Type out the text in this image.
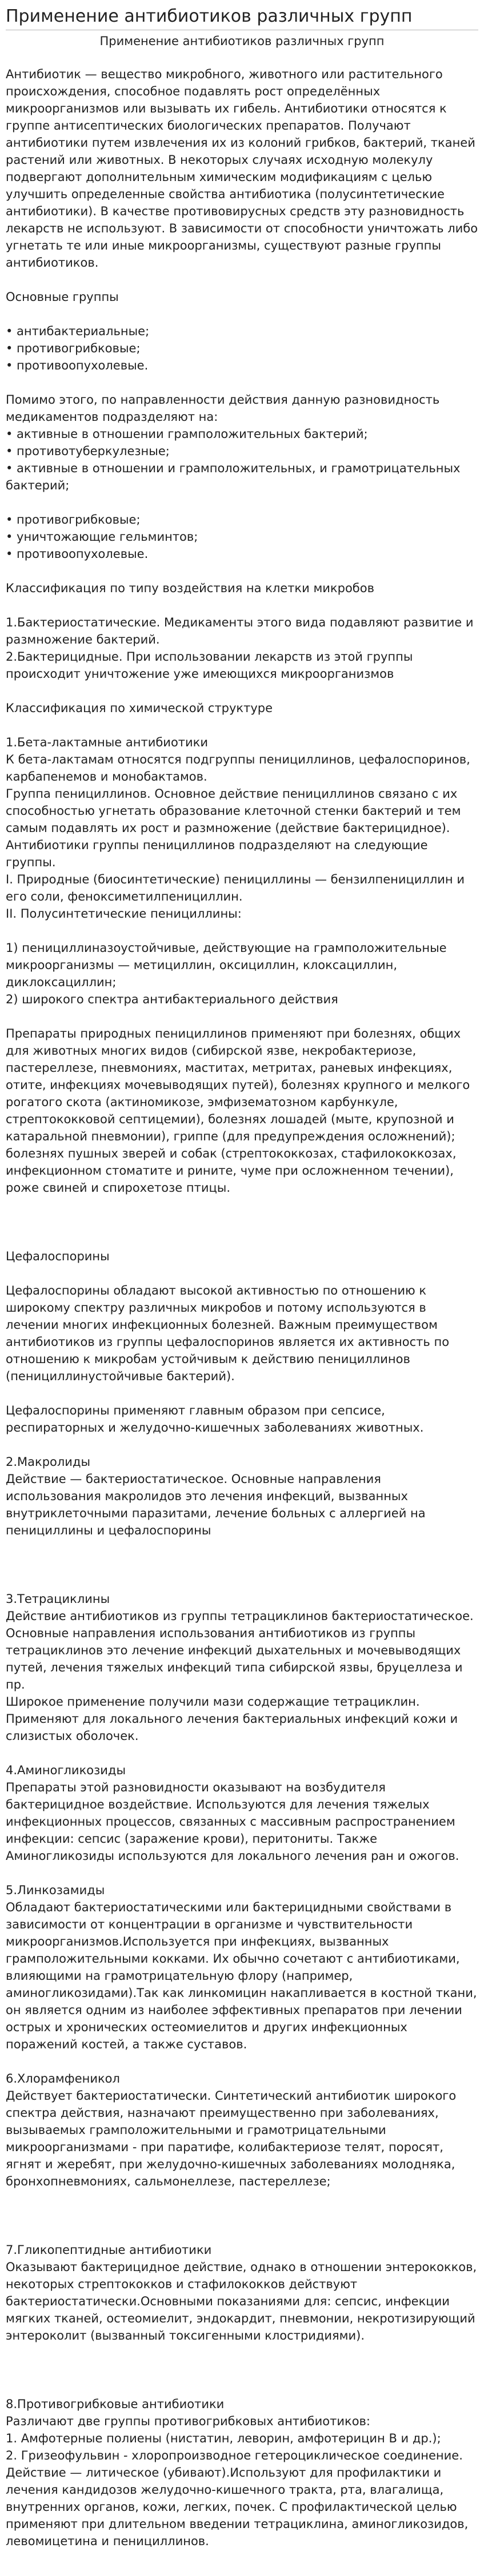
Применение антибиотиков различных групп
Применение антибиотиков различных групп

Антибиотик — вещество микробного, животного или растительного происхождения, способное подавлять рост определённых микроорганизмов или вызывать их гибель. Антибиотики относятся к группе антисептических биологических препаратов. Получают антибиотики путем извлечения их из колоний грибков, бактерий, тканей растений или животных. В некоторых случаях исходную молекулу подвергают дополнительным химическим модификациям с целью улучшить определенные свойства антибиотика (полусинтетические антибиотики). В качестве противовирусных средств эту разновидность лекарств не используют. В зависимости от способности уничтожать либо угнетать те или иные микроорганизмы, существуют разные группы антибиотиков.

Основные группы

• антибактериальные;
• противогрибковые;
• противоопухолевые.

Помимо этого, по направленности действия данную разновидность медикаментов подразделяют на:
• активные в отношении грамположительных бактерий;
• противотуберкулезные;
• активные в отношении и грамположительных, и грамотрицательных бактерий;

• противогрибковые;
• уничтожающие гельминтов;
• противоопухолевые.

Классификация по типу воздействия на клетки микробов

1.Бактериостатические. Медикаменты этого вида подавляют развитие и размножение бактерий.
2.Бактерицидные. При использовании лекарств из этой группы происходит уничтожение уже имеющихся микроорганизмов

Классификация по химической структуре

1.Бета-лактамные антибиотики
К бета-лактамам относятся подгруппы пенициллинов, цефалоспоринов, карбапенемов и монобактамов.
Группа пенициллинов. Основное действие пенициллинов связано с их способностью угнетать образование клеточной стенки бактерий и тем самым подавлять их рост и размножение (действие бактерицидное).
Антибиотики группы пенициллинов подразделяют на следующие группы.
I. Природные (биосинтетические) пенициллины — бензилпенициллин и его соли, феноксиметилпенициллин.
II. Полусинтетические пенициллины:

1) пенициллиназоустойчивые, действующие на грамположительные микроорганизмы — метициллин, оксициллин, клоксациллин, диклоксациллин;
2) широкого спектра антибактериального действия

Препараты природных пенициллинов применяют при болезнях, общих для животных многих видов (сибирской язве, некробактериозе, пастереллезе, пневмониях, маститах, метритах, раневых инфекциях, отите, инфекциях мочевыводящих путей), болезнях крупного и мелкого рогатого скота (актиномикозе, эмфизематозном карбункуле, стрептококковой септицемии), болезнях лошадей (мыте, крупозной и катаральной пневмонии), гриппе (для предупреждения осложнений); болезнях пушных зверей и собак (стрептококкозах, стафилококкозах, инфекционном стоматите и рините, чуме при осложненном течении), роже свиней и спирохетозе птицы.

Цефалоспорины

Цефалоспорины обладают высокой активностью по отношению к широкому спектру различных микробов и потому используются в лечении многих инфекционных болезней. Важным преимуществом антибиотиков из группы цефалоспоринов является их активность по отношению к микробам устойчивым к действию пенициллинов (пенициллинустойчивые бактерий).

Цефалоспорины применяют главным образом при сепсисе, респираторных и желудочно-кишечных заболеваниях животных.

2.Макролиды
Действие — бактериостатическое. Основные направления использования макролидов это лечения инфекций, вызванных внутриклеточными паразитами, лечение больных с аллергией на пенициллины и цефалоспорины

3.Тетрациклины
Действие антибиотиков из группы тетрациклинов бактериостатическое. Основные направления использования антибиотиков из группы тетрациклинов это лечение инфекций дыхательных и мочевыводящих путей, лечения тяжелых инфекций типа сибирской язвы, бруцеллеза и пр.
Широкое применение получили мази содержащие тетрациклин. Применяют для локального лечения бактериальных инфекций кожи и слизистых оболочек.

4.Аминогликозиды
Препараты этой разновидности оказывают на возбудителя бактерицидное воздействие. Используются для лечения тяжелых инфекционных процессов, связанных с массивным распространением инфекции: сепсис (заражение крови), перитониты. Также Аминогликозиды используются для локального лечения ран и ожогов.

5.Линкозамиды
Обладают бактериостатическими или бактерицидными свойствами в зависимости от концентрации в организме и чувствительности микроорганизмов.Используется при инфекциях, вызванных грамположительными кокками. Их обычно сочетают с антибиотиками, влияющими на грамотрицательную флору (например, аминогликозидами).Так как линкомицин накапливается в костной ткани, он является одним из наиболее эффективных препаратов при лечении острых и хронических остеомиелитов и других инфекционных поражений костей, а также суставов.

6.Хлорамфеникол
Действует бактериостатически. Синтетический антибиотик широкого спектра действия, назначают преимущественно при заболеваниях, вызываемых грамположительными и грамотрицательными микроорганизмами - при паратифе, колибактериозе телят, поросят, ягнят и жеребят, при желудочно-кишечных заболеваниях молодняка, бронхопневмониях, сальмонеллезе, пастереллезе;

7.Гликопептидные антибиотики
Оказывают бактерицидное действие, однако в отношении энтерококков, некоторых стрептококков и стафилококков действуют бактериостатически.Основными показаниями для: сепсис, инфекции мягких тканей, остеомиелит, эндокардит, пневмонии, некротизирующий энтероколит (вызванный токсигенными клостридиями).

8.Противогрибковые антибиотики
Различают две группы противогрибковых антибиотиков:
1. Амфотерные полиены (нистатин, леворин, амфотерицин B и др.);
2. Гризеофульвин - хлоропроизводное гетероциклическое соединение.
Действие — литическое (убивают).Используют для профилактики и лечения кандидозов желудочно-кишечного тракта, рта, влагалища, внутренних органов, кожи, легких, почек. С профилактической целью применяют при длительном введении тетрациклина, аминогликозидов, левомицетина и пенициллинов.
